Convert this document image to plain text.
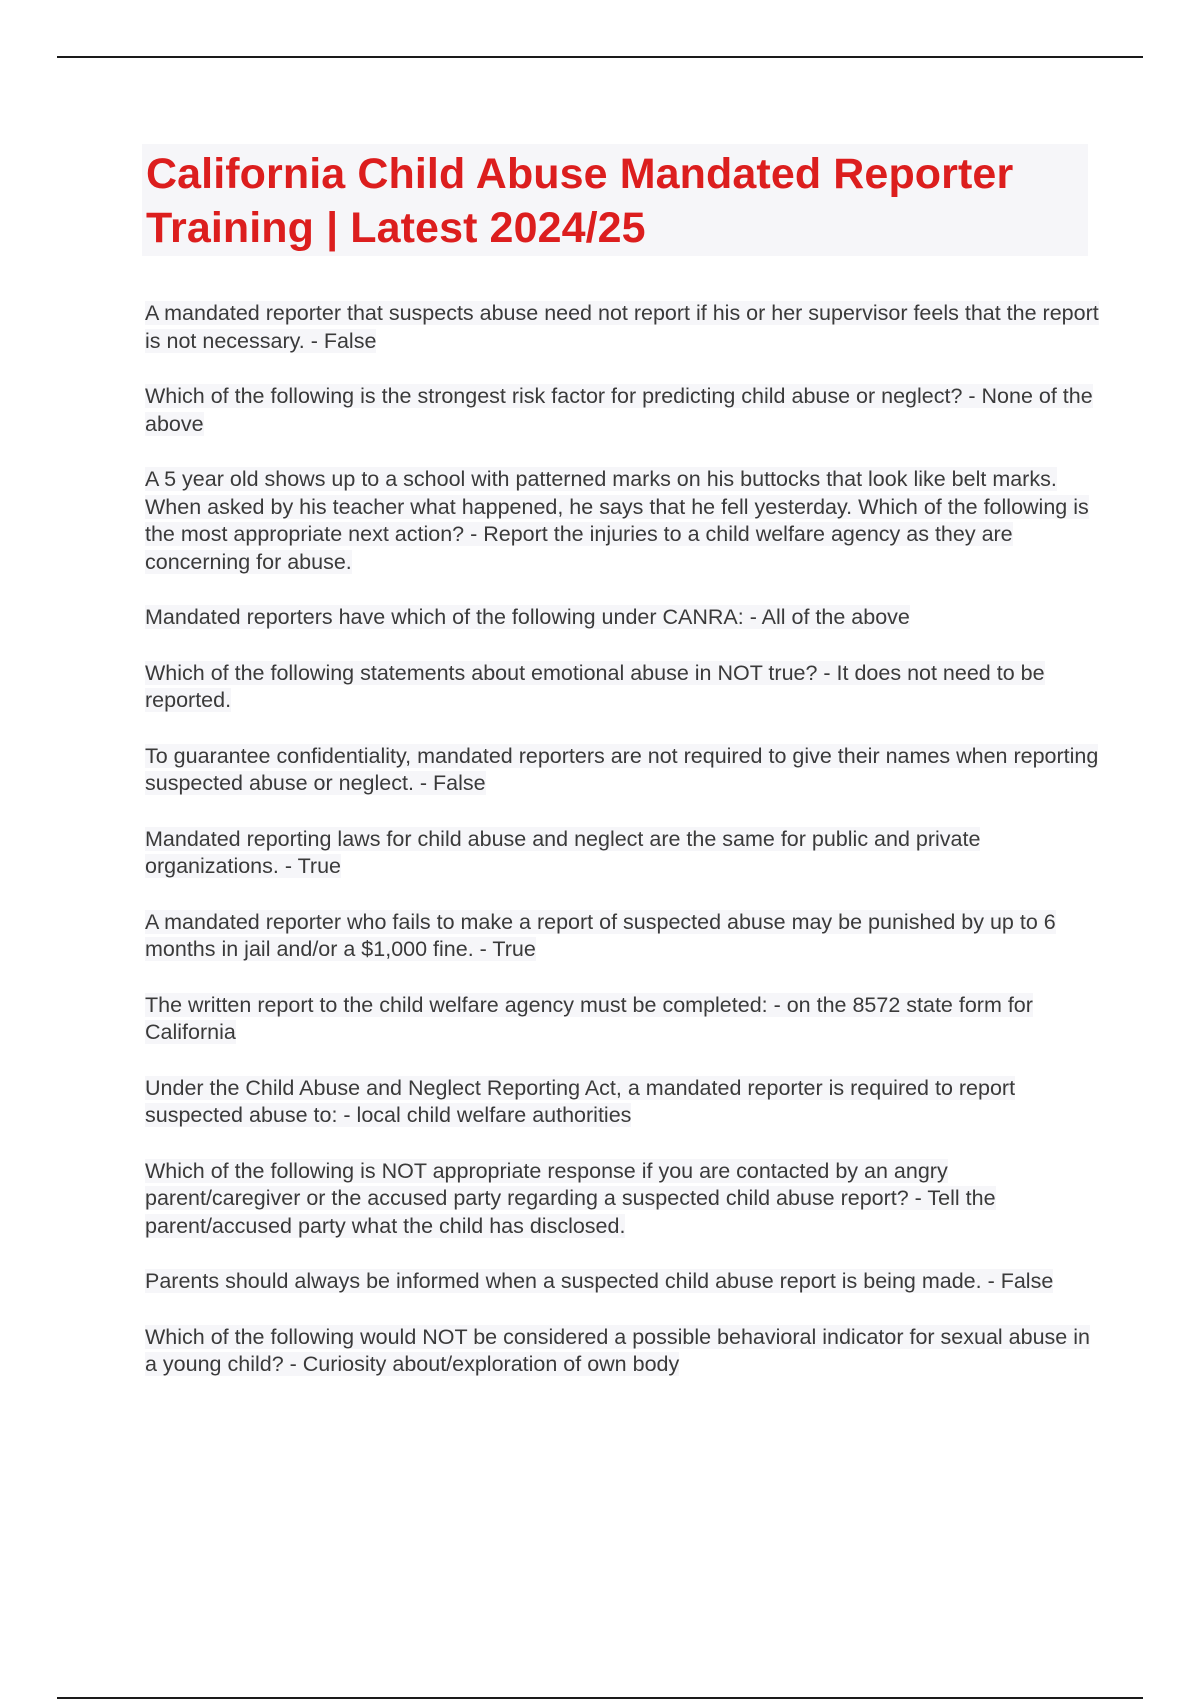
California Child Abuse Mandated Reporter Training | Latest 2024/25
A mandated reporter that suspects abuse need not report if his or her supervisor feels that the report is not necessary. - False
Which of the following is the strongest risk factor for predicting child abuse or neglect? - None of the above
A 5 year old shows up to a school with patterned marks on his buttocks that look like belt marks. When asked by his teacher what happened, he says that he fell yesterday. Which of the following is the most appropriate next action? - Report the injuries to a child welfare agency as they are concerning for abuse.
Mandated reporters have which of the following under CANRA: - All of the above
Which of the following statements about emotional abuse in NOT true? - It does not need to be reported.
To guarantee confidentiality, mandated reporters are not required to give their names when reporting suspected abuse or neglect. - False
Mandated reporting laws for child abuse and neglect are the same for public and private organizations. - True
A mandated reporter who fails to make a report of suspected abuse may be punished by up to 6 months in jail and/or a $1,000 fine. - True
The written report to the child welfare agency must be completed: - on the 8572 state form for California
Under the Child Abuse and Neglect Reporting Act, a mandated reporter is required to report suspected abuse to: - local child welfare authorities
Which of the following is NOT appropriate response if you are contacted by an angry parent/caregiver or the accused party regarding a suspected child abuse report? - Tell the parent/accused party what the child has disclosed.
Parents should always be informed when a suspected child abuse report is being made. - False
Which of the following would NOT be considered a possible behavioral indicator for sexual abuse in a young child? - Curiosity about/exploration of own body
